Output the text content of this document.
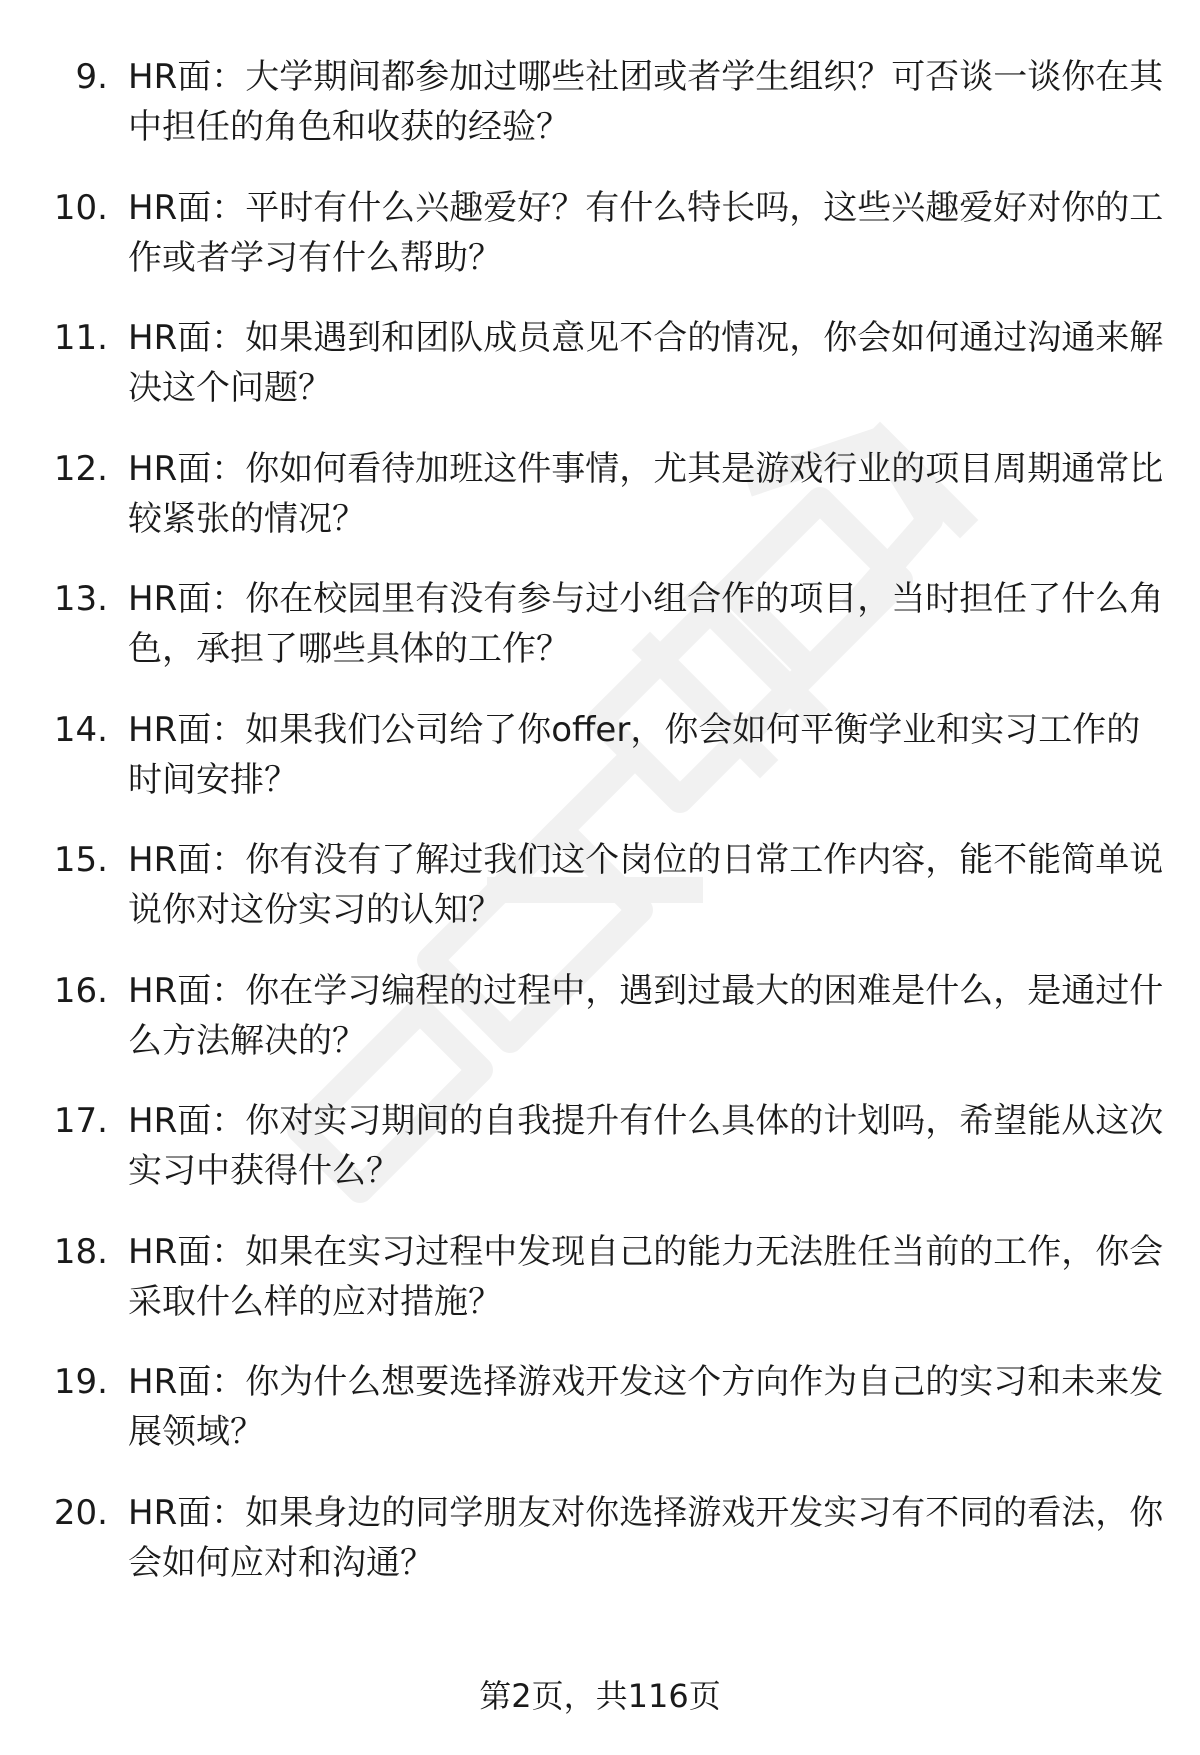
9. HR面：大学期间都参加过哪些社团或者学生组织？可否谈一谈你在其中担任的角色和收获的经验？
10. HR面：平时有什么兴趣爱好？有什么特长吗，这些兴趣爱好对你的工作或者学习有什么帮助？
11. HR面：如果遇到和团队成员意见不合的情况，你会如何通过沟通来解决这个问题？
12. HR面：你如何看待加班这件事情，尤其是游戏行业的项目周期通常比较紧张的情况？
13. HR面：你在校园里有没有参与过小组合作的项目，当时担任了什么角色，承担了哪些具体的工作？
14. HR面：如果我们公司给了你offer，你会如何平衡学业和实习工作的时间安排？
15. HR面：你有没有了解过我们这个岗位的日常工作内容，能不能简单说说你对这份实习的认知？
16. HR面：你在学习编程的过程中，遇到过最大的困难是什么，是通过什么方法解决的？
17. HR面：你对实习期间的自我提升有什么具体的计划吗，希望能从这次实习中获得什么？
18. HR面：如果在实习过程中发现自己的能力无法胜任当前的工作，你会采取什么样的应对措施？
19. HR面：你为什么想要选择游戏开发这个方向作为自己的实习和未来发展领域？
20. HR面：如果身边的同学朋友对你选择游戏开发实习有不同的看法，你会如何应对和沟通？
第2页，共116页
